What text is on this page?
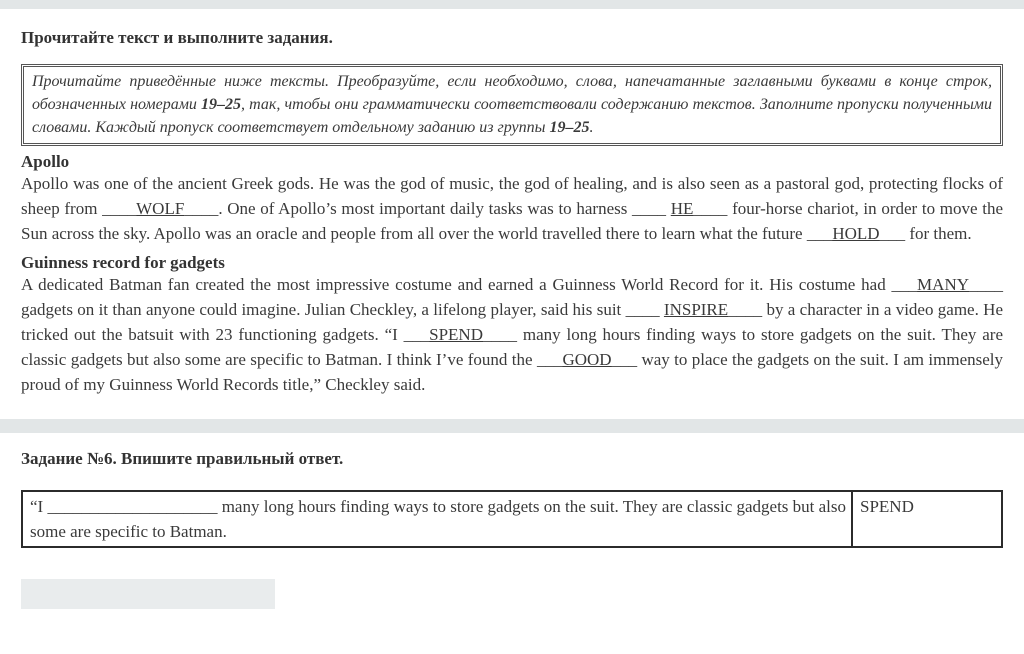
Прочитайте текст и выполните задания.
Прочитайте приведённые ниже тексты. Преобразуйте, если необходимо, слова, напечатанные заглавными буквами в конце строк, обозначенных номерами 19–25, так, чтобы они грамматически соответствовали содержанию текстов. Заполните пропуски полученными словами. Каждый пропуск соответствует отдельному заданию из группы 19–25.
Apollo
Apollo was one of the ancient Greek gods. He was the god of music, the god of healing, and is also seen as a pastoral god, protecting flocks of sheep from ____WOLF____. One of Apollo’s most important daily tasks was to harness ____ HE____ four-horse chariot, in order to move the Sun across the sky. Apollo was an oracle and people from all over the world travelled there to learn what the future ___HOLD___ for them.
Guinness record for gadgets
A dedicated Batman fan created the most impressive costume and earned a Guinness World Record for it. His costume had ___MANY____ gadgets on it than anyone could imagine. Julian Checkley, a lifelong player, said his suit ____ INSPIRE____ by a character in a video game. He tricked out the batsuit with 23 functioning gadgets. “I ___SPEND____ many long hours finding ways to store gadgets on the suit. They are classic gadgets but also some are specific to Batman. I think I’ve found the ___GOOD___ way to place the gadgets on the suit. I am immensely proud of my Guinness World Records title,” Checkley said.
Задание №6. Впишите правильный ответ.
“I ____________________ many long hours finding ways to store gadgets on the suit. They are classic gadgets but also some are specific to Batman.
SPEND
